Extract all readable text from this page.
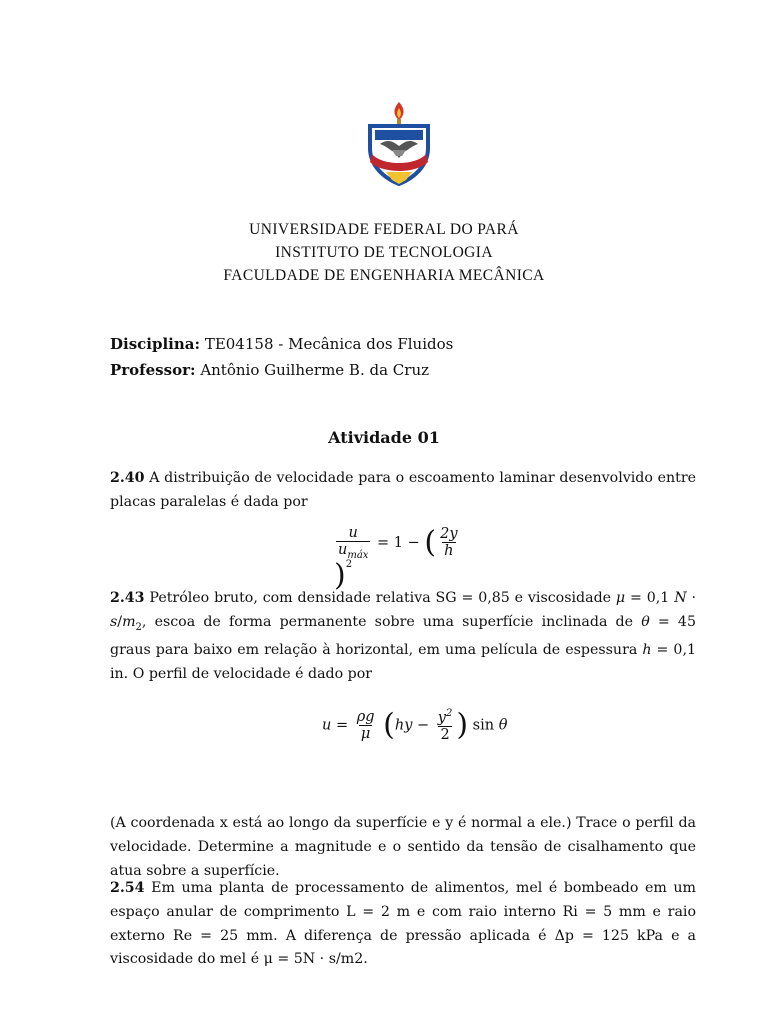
UNIVERSIDADE FEDERAL DO PARÁ
INSTITUTO DE TECNOLOGIA
FACULDADE DE ENGENHARIA MECÂNICA
Disciplina: TE04158 - Mecânica dos Fluidos
Professor: Antônio Guilherme B. da Cruz
Atividade 01
2.40 A distribuição de velocidade para o escoamento laminar desenvolvido entre placas paralelas é dada por
$\frac{u}{u_{máx}} = 1$ − ( $\frac{2y}{h}$
)$^2$
2.43 Petróleo bruto, com densidade relativa SG = 0,85 e viscosidade μ = 0,1 $N \cdot s/m_2$, escoa de forma permanente sobre uma superfície inclinada de θ = 45 graus para baixo em relação à horizontal, em uma película de espessura h = 0,1 in. O perfil de velocidade é dado por
$u = \frac{\rho g}{\mu} (hy - \frac{y^2}{2}$ ) sin θ
(A coordenada x está ao longo da superfície e y é normal a ele.) Trace o perfil da velocidade. Determine a magnitude e o sentido da tensão de cisalhamento que atua sobre a superfície.
2.54 Em uma planta de processamento de alimentos, mel é bombeado em um espaço anular de comprimento L = 2 m e com raio interno Ri = 5 mm e raio externo Re = 25 mm. A diferença de pressão aplicada é Δp = 125 kPa e a viscosidade do mel é μ = 5N · s/m2.
